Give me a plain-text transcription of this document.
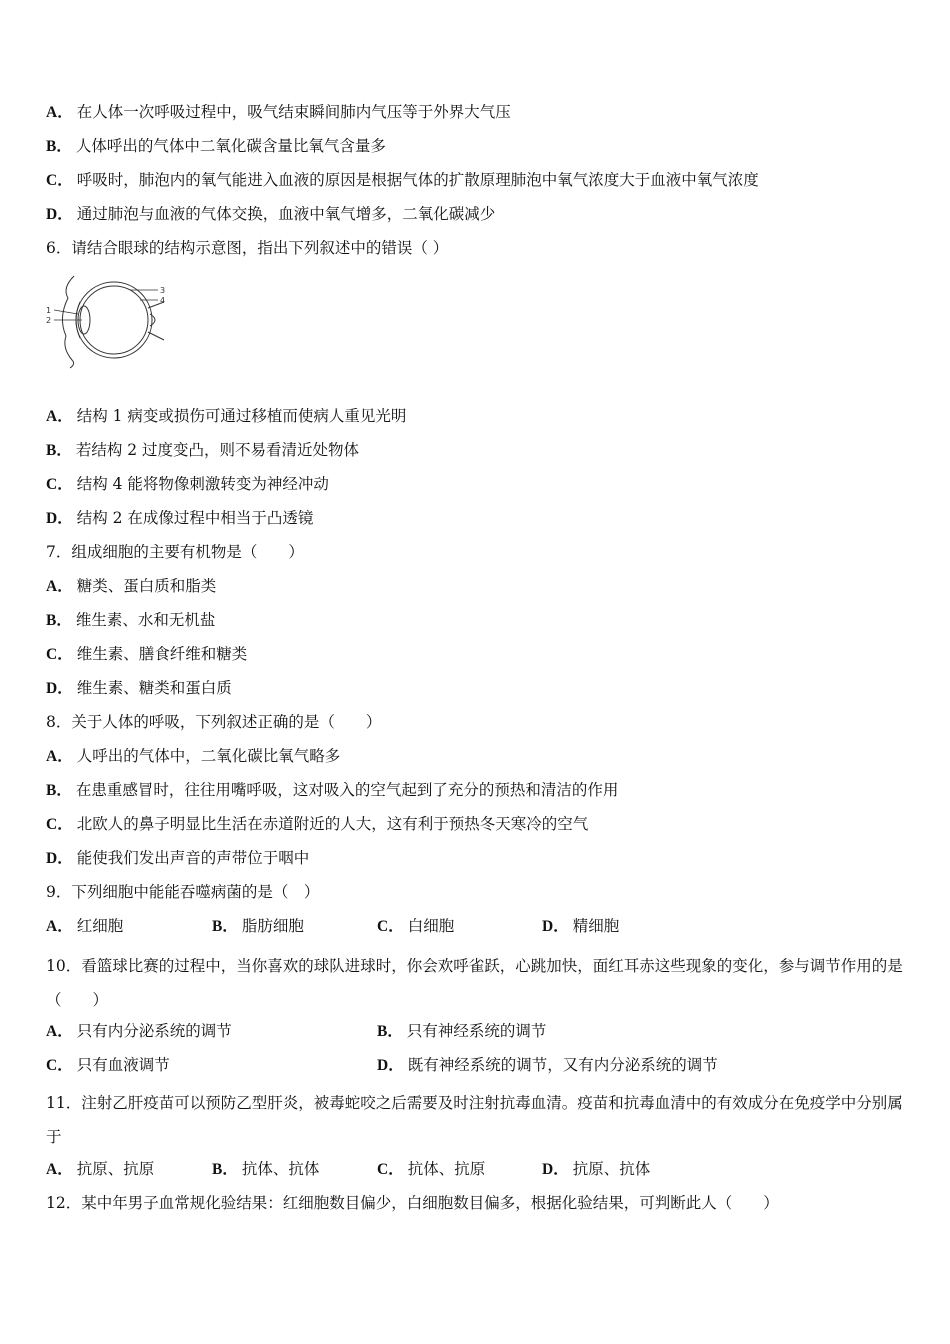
A． 在人体一次呼吸过程中，吸气结束瞬间肺内气压等于外界大气压
B． 人体呼出的气体中二氧化碳含量比氧气含量多
C． 呼吸时，肺泡内的氧气能进入血液的原因是根据气体的扩散原理肺泡中氧气浓度大于血液中氧气浓度
D． 通过肺泡与血液的气体交换，血液中氧气增多，二氧化碳减少
6．请结合眼球的结构示意图，指出下列叙述中的错误（ ）
1
2
3
4
A． 结构 1 病变或损伤可通过移植而使病人重见光明
B． 若结构 2 过度变凸，则不易看清近处物体
C． 结构 4 能将物像刺激转变为神经冲动
D． 结构 2 在成像过程中相当于凸透镜
7．组成细胞的主要有机物是（　　）
A． 糖类、蛋白质和脂类
B． 维生素、水和无机盐
C． 维生素、膳食纤维和糖类
D． 维生素、糖类和蛋白质
8．关于人体的呼吸，下列叙述正确的是（　　）
A． 人呼出的气体中，二氧化碳比氧气略多
B． 在患重感冒时，往往用嘴呼吸，这对吸入的空气起到了充分的预热和清洁的作用
C． 北欧人的鼻子明显比生活在赤道附近的人大，这有利于预热冬天寒冷的空气
D． 能使我们发出声音的声带位于咽中
9．下列细胞中能能吞噬病菌的是（　）
A． 红细胞	B． 脂肪细胞	C． 白细胞	D． 精细胞
10．看篮球比赛的过程中，当你喜欢的球队进球时，你会欢呼雀跃，心跳加快，面红耳赤这些现象的变化，参与调节作用的是（　　）
A． 只有内分泌系统的调节	B． 只有神经系统的调节
C． 只有血液调节	D． 既有神经系统的调节，又有内分泌系统的调节
11．注射乙肝疫苗可以预防乙型肝炎，被毒蛇咬之后需要及时注射抗毒血清。疫苗和抗毒血清中的有效成分在免疫学中分别属于
A． 抗原、抗原	B． 抗体、抗体	C． 抗体、抗原	D． 抗原、抗体
12．某中年男子血常规化验结果：红细胞数目偏少，白细胞数目偏多，根据化验结果，可判断此人（　　）
